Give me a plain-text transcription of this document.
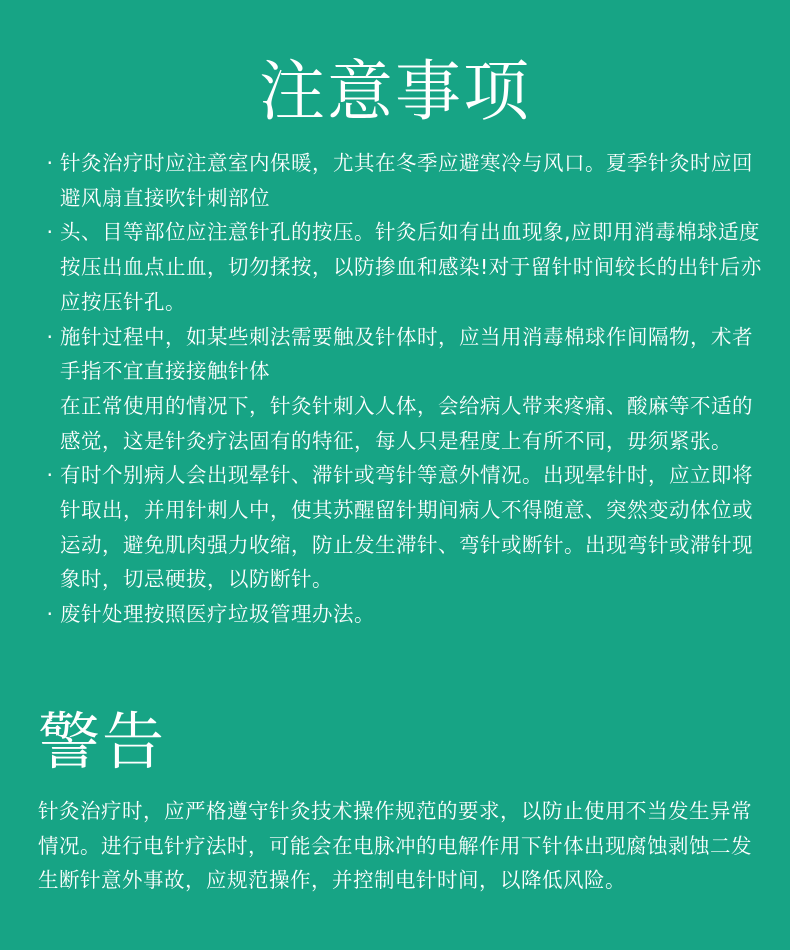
注意事项
· 针灸治疗时应注意室内保暖，尤其在冬季应避寒冷与风口。夏季针灸时应回避风扇直接吹针刺部位
· 头、目等部位应注意针孔的按压。针灸后如有出血现象,应即用消毒棉球适度按压出血点止血，切勿揉按，以防掺血和感染!对于留针时间较长的出针后亦应按压针孔。
· 施针过程中，如某些刺法需要触及针体时，应当用消毒棉球作间隔物，术者手指不宜直接接触针体
在正常使用的情况下，针灸针刺入人体，会给病人带来疼痛、酸麻等不适的感觉，这是针灸疗法固有的特征，每人只是程度上有所不同，毋须紧张。
· 有时个别病人会出现晕针、滞针或弯针等意外情况。出现晕针时，应立即将针取出，并用针刺人中，使其苏醒留针期间病人不得随意、突然变动体位或运动，避免肌肉强力收缩，防止发生滞针、弯针或断针。出现弯针或滞针现象时，切忌硬拔，以防断针。
· 废针处理按照医疗垃圾管理办法。
警告
针灸治疗时，应严格遵守针灸技术操作规范的要求，以防止使用不当发生异常情况。进行电针疗法时，可能会在电脉冲的电解作用下针体出现腐蚀剥蚀二发生断针意外事故，应规范操作，并控制电针时间，以降低风险。
